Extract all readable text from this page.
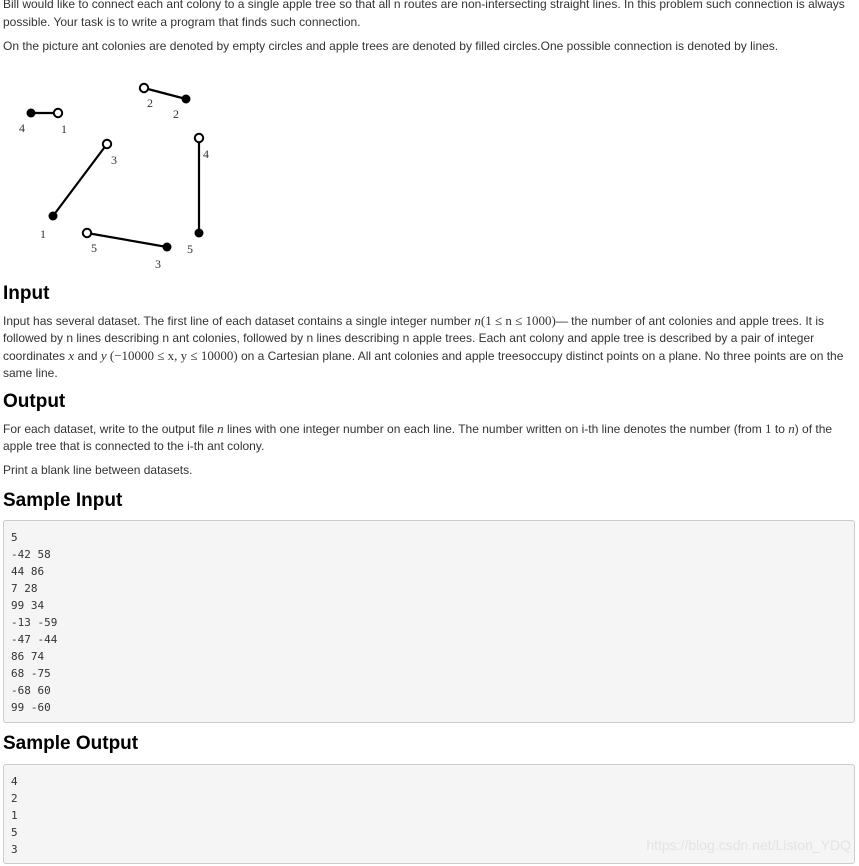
Bill would like to connect each ant colony to a single apple tree so that all n routes are non-intersecting straight lines. In this problem such connection is always

possible. Your task is to write a program that finds such connection.

On the picture ant colonies are denoted by empty circles and apple trees are denoted by filled circles.One possible connection is denoted by lines.

4	1
2
2
3	4
1
5	5
3
Input

Input has several dataset. The first line of each dataset contains a single integer number n(1 ≤ n ≤ 1000)— the number of ant colonies and apple trees. It is followed by n lines describing n ant colonies, followed by n lines describing n apple trees. Each ant colony and apple tree is described by a pair of integer coordinates x and y (−10000 ≤ x, y ≤ 10000) on a Cartesian plane. All ant colonies and apple treesoccupy distinct points on a plane. No three points are on the same line.

Output

For each dataset, write to the output file n lines with one integer number on each line. The number written on i-th line denotes the number (from 1 to n) of the apple tree that is connected to the i-th ant colony.

Print a blank line between datasets.

Sample Input
5
-42 58
44 86
7 28
99 34
-13 -59
-47 -44
86 74
68 -75
-68 60
99 -60
Sample Output
4
2
1
5
3	https://blog.csdn.net/Liston_YDQ
